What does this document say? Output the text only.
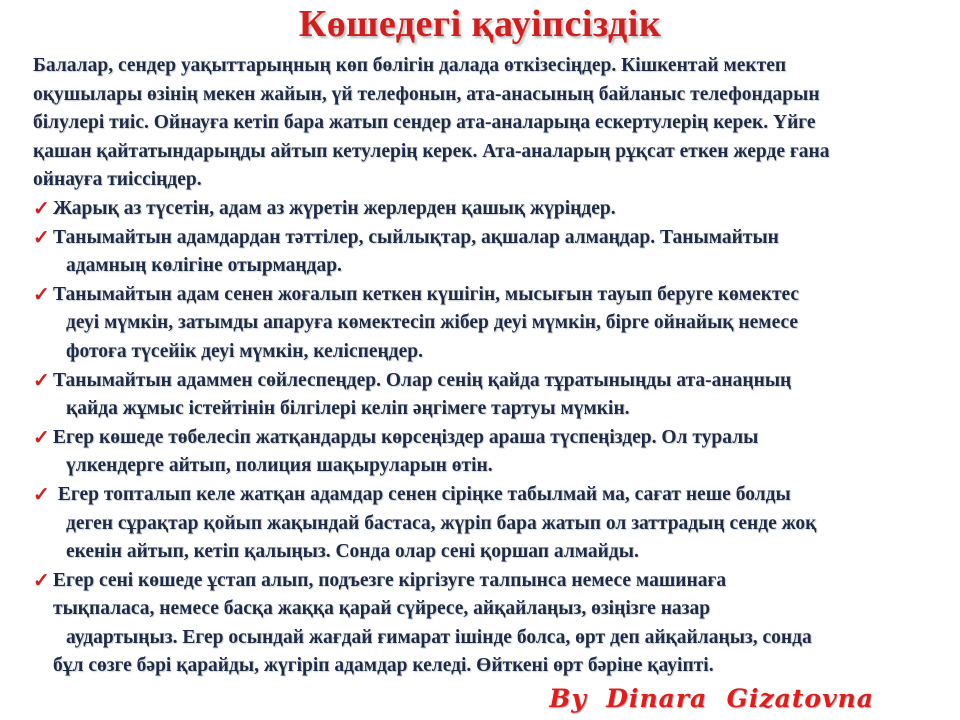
Көшедегі қауіпсіздік

Балалар, сендер уақыттарыңның көп бөлігін далада өткізесіңдер. Кішкентай мектеп
оқушылары өзінің мекен жайын, үй телефонын, ата-анасының байланыс телефондарын
білулері тиіс. Ойнауға кетіп бара жатып сендер ата-аналарыңа ескертулерің керек. Үйге
қашан қайтатындарыңды айтып кетулерің керек. Ата-аналарың рұқсат еткен жерде ғана
ойнауға тиіссіңдер.

✓ Жарық аз түсетін, адам аз жүретін жерлерден қашық жүріңдер.
✓ Танымайтын адамдардан тәттілер, сыйлықтар, ақшалар алмаңдар. Танымайтын
адамның көлігіне отырмаңдар.
✓ Танымайтын адам сенен жоғалып кеткен күшігін, мысығын тауып беруге көмектес
деуі мүмкін, затымды апаруға көмектесіп жібер деуі мүмкін, бірге ойнайық немесе
фотоға түсейік деуі мүмкін, келіспеңдер.
✓ Танымайтын адаммен сөйлеспеңдер. Олар сенің қайда тұратыныңды ата-анаңның
қайда жұмыс істейтінін білгілері келіп әңгімеге тартуы мүмкін.
✓ Егер көшеде төбелесіп жатқандарды көрсеңіздер араша түспеңіздер. Ол туралы
үлкендерге айтып, полиция шақыруларын өтін.
✓ Егер топталып келе жатқан адамдар сенен сіріңке табылмай ма, сағат неше болды
деген сұрақтар қойып жақындай бастаса, жүріп бара жатып ол заттрадың сенде жоқ
екенін айтып, кетіп қалыңыз. Сонда олар сені қоршап алмайды.
✓ Егер сені көшеде ұстап алып, подъезге кіргізуге талпынса немесе машинаға
тықпаласа, немесе басқа жаққа қарай сүйресе, айқайлаңыз, өзіңізге назар
аудартыңыз. Егер осындай жағдай ғимарат ішінде болса, өрт деп айқайлаңыз, сонда
бұл сөзге бәрі қарайды, жүгіріп адамдар келеді. Өйткені өрт бәріне қауіпті.
By  Dinara  Gizatovna
